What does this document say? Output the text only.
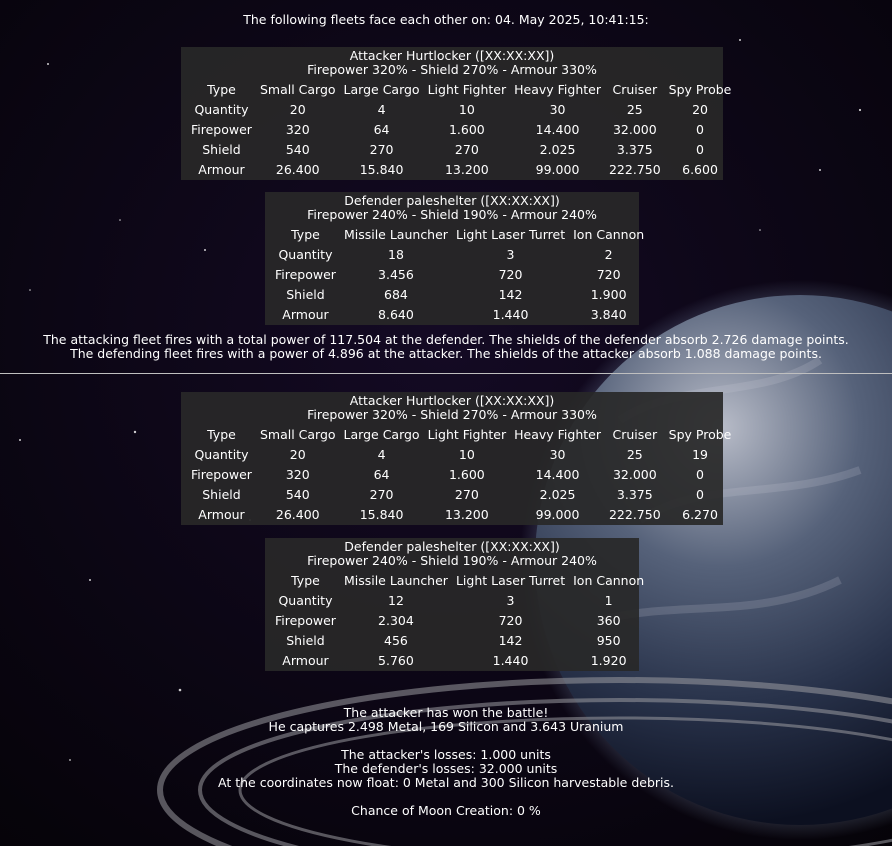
The following fleets face each other on: 04. May 2025, 10:41:15:
Attacker Hurtlocker ([XX:XX:XX])
Firepower 320% - Shield 270% - Armour 330%
Type	Small Cargo	Large Cargo	Light Fighter	Heavy Fighter	Cruiser	Spy Probe
Quantity	20	4	10	30	25	20
Firepower	320	64	1.600	14.400	32.000	0
Shield	540	270	270	2.025	3.375	0
Armour	26.400	15.840	13.200	99.000	222.750	6.600
Defender paleshelter ([XX:XX:XX])
Firepower 240% - Shield 190% - Armour 240%
Type	Missile Launcher	Light Laser Turret	Ion Cannon
Quantity	18	3	2
Firepower	3.456	720	720
Shield	684	142	1.900
Armour	8.640	1.440	3.840
The attacking fleet fires with a total power of 117.504 at the defender. The shields of the defender absorb 2.726 damage points.
The defending fleet fires with a power of 4.896 at the attacker. The shields of the attacker absorb 1.088 damage points.
Attacker Hurtlocker ([XX:XX:XX])
Firepower 320% - Shield 270% - Armour 330%
Type	Small Cargo	Large Cargo	Light Fighter	Heavy Fighter	Cruiser	Spy Probe
Quantity	20	4	10	30	25	19
Firepower	320	64	1.600	14.400	32.000	0
Shield	540	270	270	2.025	3.375	0
Armour	26.400	15.840	13.200	99.000	222.750	6.270
Defender paleshelter ([XX:XX:XX])
Firepower 240% - Shield 190% - Armour 240%
Type	Missile Launcher	Light Laser Turret	Ion Cannon
Quantity	12	3	1
Firepower	2.304	720	360
Shield	456	142	950
Armour	5.760	1.440	1.920
The attacker has won the battle!
He captures 2.498 Metal, 169 Silicon and 3.643 Uranium
The attacker's losses: 1.000 units
The defender's losses: 32.000 units
At the coordinates now float: 0 Metal and 300 Silicon harvestable debris.
Chance of Moon Creation: 0 %
